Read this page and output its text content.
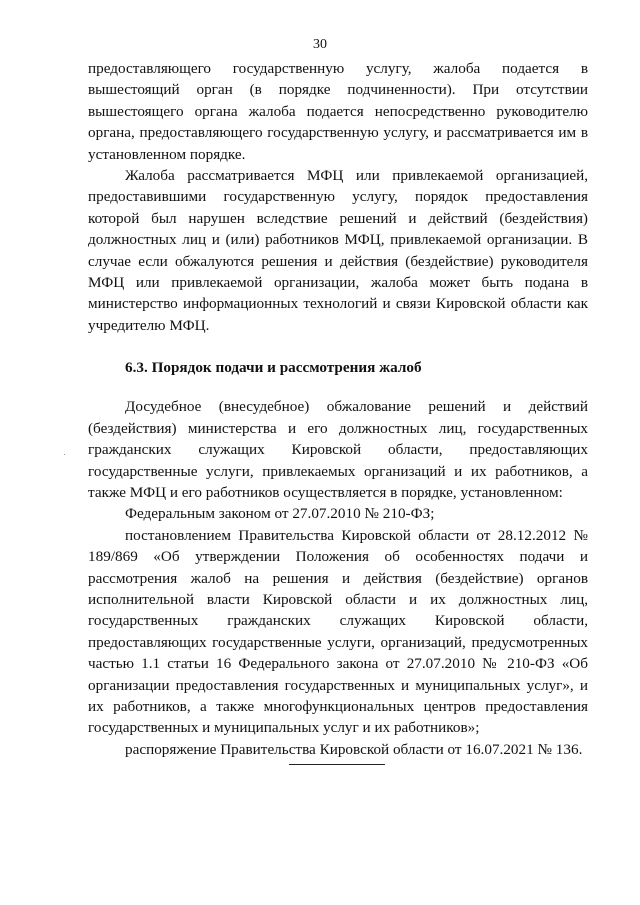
30

предоставляющего государственную услугу, жалоба подается в вышестоящий орган (в порядке подчиненности). При отсутствии вышестоящего органа жалоба подается непосредственно руководителю органа, предоставляющего государственную услугу, и рассматривается им в установленном порядке.

Жалоба рассматривается МФЦ или привлекаемой организацией, предоставившими государственную услугу, порядок предоставления которой был нарушен вследствие решений и действий (бездействия) должностных лиц и (или) работников МФЦ, привлекаемой организации. В случае если обжалуются решения и действия (бездействие) руководителя МФЦ или привлекаемой организации, жалоба может быть подана в министерство информационных технологий и связи Кировской области как учредителю МФЦ.

6.3. Порядок подачи и рассмотрения жалоб

Досудебное (внесудебное) обжалование решений и действий (бездействия) министерства и его должностных лиц, государственных гражданских служащих Кировской области, предоставляющих государственные услуги, привлекаемых организаций и их работников, а также МФЦ и его работников осуществляется в порядке, установленном:

Федеральным законом от 27.07.2010 № 210-ФЗ;

постановлением Правительства Кировской области от 28.12.2012 № 189/869 «Об утверждении Положения об особенностях подачи и рассмотрения жалоб на решения и действия (бездействие) органов исполнительной власти Кировской области и их должностных лиц, государственных гражданских служащих Кировской области, предоставляющих государственные услуги, организаций, предусмотренных частью 1.1 статьи 16 Федерального закона от 27.07.2010 № 210-ФЗ «Об организации предоставления государственных и муниципальных услуг», и их работников, а также многофункциональных центров предоставления государственных и муниципальных услуг и их работников»;

распоряжение Правительства Кировской области от 16.07.2021 № 136.
